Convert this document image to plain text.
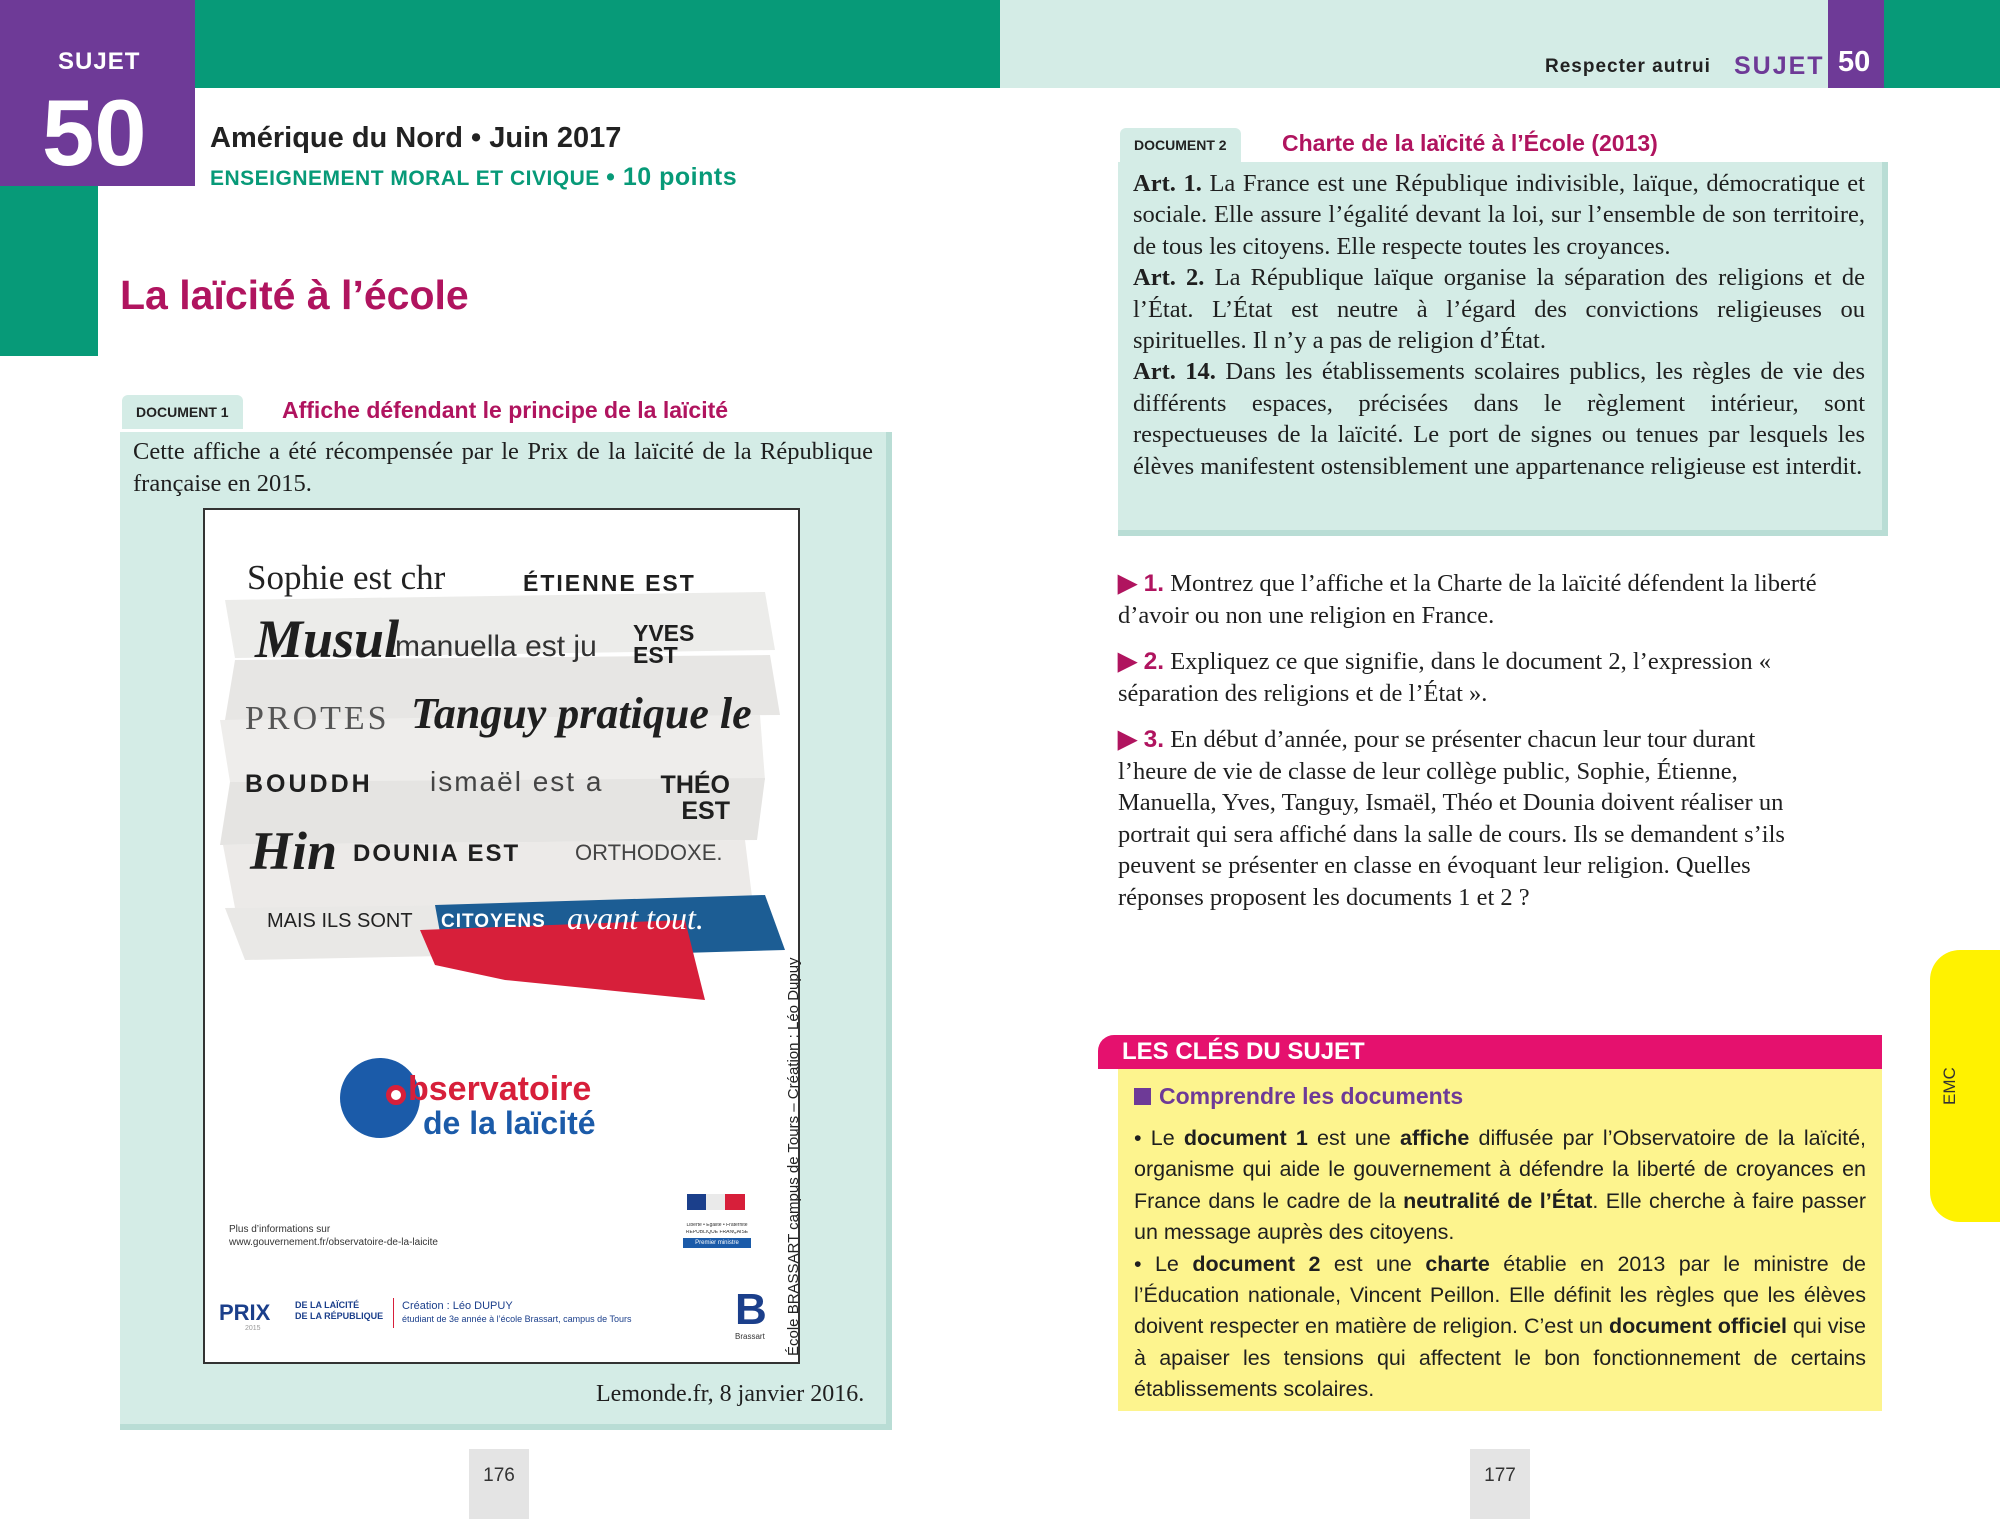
SUJET
50 Amérique du Nord • Juin 2017
ENSEIGNEMENT MORAL ET CIVIQUE • 10 points
La laïcité à l’école
DOCUMENT 1	Affiche défendant le principe de la laïcité
Cette affiche a été récompensée par le Prix de la laïcité de la République française en 2015.
Sophie est chr	ÉTIENNE EST
Musul
manuella est ju YVES EST
PROTES Tanguy pratique le
BOUDDH ismaël est a	THÉO EST
Hin DOUNIA EST ORTHODOXE.
MAIS ILS SONT CITOYENS avant tout.
bservatoire
de la laïcité
Plus d’informations sur
www.gouvernement.fr/observatoire-de-la-laicite
Liberté • Égalité • Fraternité
RÉPUBLIQUE FRANÇAISE
Premier ministre
PRIX	DE LA LAÏCITÉ
DE LA RÉPUBLIQUE
2015
Création : Léo DUPUY
étudiant de 3e année à l’école Brassart, campus de Tours B
Brassart École BRASSART campus de Tours – Création : Léo Dupuy
Lemonde.fr, 8 janvier 2016.
176
Respecter autrui SUJET 50
DOCUMENT 2	Charte de la laïcité à l’École (2013)
Art. 1. La France est une République indivisible, laïque, démocratique et sociale. Elle assure l’égalité devant la loi, sur l’ensemble de son territoire, de tous les citoyens. Elle respecte toutes les croyances.
Art. 2. La République laïque organise la séparation des religions et de l’État. L’État est neutre à l’égard des convictions religieuses ou spirituelles. Il n’y a pas de religion d’État.
Art. 14. Dans les établissements scolaires publics, les règles de vie des différents espaces, précisées dans le règlement intérieur, sont respectueuses de la laïcité. Le port de signes ou tenues par lesquels les élèves manifestent ostensiblement une appartenance religieuse est interdit.
▶ 1. Montrez que l’affiche et la Charte de la laïcité défendent la liberté d’avoir ou non une religion en France.
▶ 2. Expliquez ce que signifie, dans le document 2, l’expression « séparation des religions et de l’État ».
▶ 3. En début d’année, pour se présenter chacun leur tour durant l’heure de vie de classe de leur collège public, Sophie, Étienne, Manuella, Yves, Tanguy, Ismaël, Théo et Dounia doivent réaliser un portrait qui sera affiché dans la salle de cours. Ils se demandent s’ils peuvent se présenter en classe en évoquant leur religion. Quelles réponses proposent les documents 1 et 2 ?
LES CLÉS DU SUJET
Comprendre les documents
• Le document 1 est une affiche diffusée par l’Observatoire de la laïcité, organisme qui aide le gouvernement à défendre la liberté de croyances en France dans le cadre de la neutralité de l’État. Elle cherche à faire passer un message auprès des citoyens.
• Le document 2 est une charte établie en 2013 par le ministre de l’Éducation nationale, Vincent Peillon. Elle définit les règles que les élèves doivent respecter en matière de religion. C’est un document officiel qui vise à apaiser les tensions qui affectent le bon fonctionnement de certains établissements scolaires.
EMC
177
